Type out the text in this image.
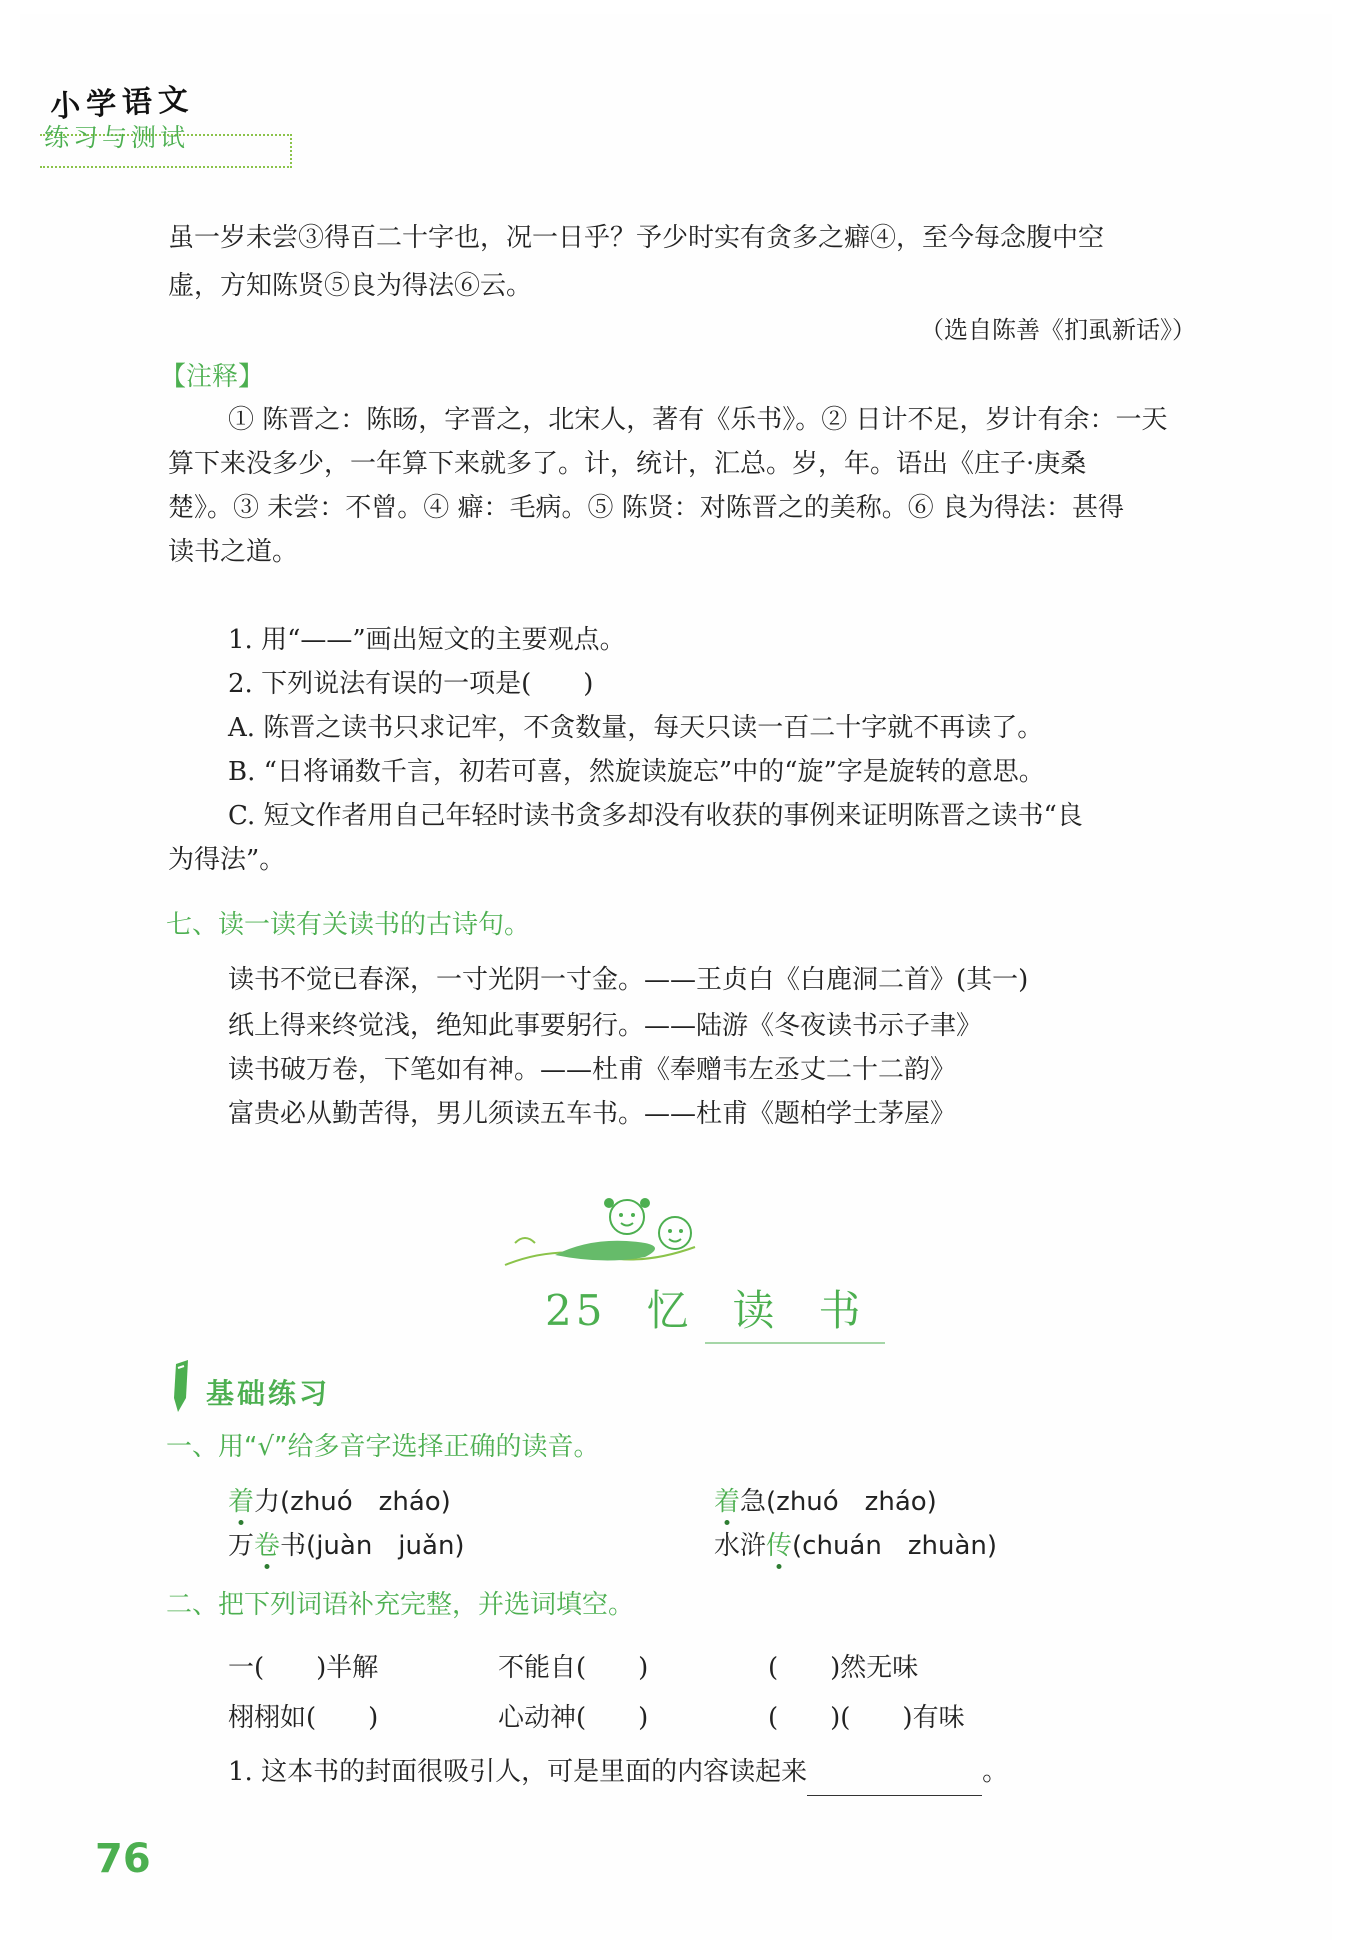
小学语文
练习与测试
虽一岁未尝③得百二十字也，况一日乎？予少时实有贪多之癖④，至今每念腹中空
虚，方知陈贤⑤良为得法⑥云。
（选自陈善《扪虱新话》）
【注释】
① 陈晋之：陈旸，字晋之，北宋人，著有《乐书》。② 日计不足，岁计有余：一天
算下来没多少，一年算下来就多了。计，统计，汇总。岁，年。语出《庄子·庚桑
楚》。③ 未尝：不曾。④ 癖：毛病。⑤ 陈贤：对陈晋之的美称。⑥ 良为得法：甚得
读书之道。
1. 用“——”画出短文的主要观点。
2. 下列说法有误的一项是(　　)
A. 陈晋之读书只求记牢，不贪数量，每天只读一百二十字就不再读了。
B. “日将诵数千言，初若可喜，然旋读旋忘”中的“旋”字是旋转的意思。
C. 短文作者用自己年轻时读书贪多却没有收获的事例来证明陈晋之读书“良
为得法”。
七、读一读有关读书的古诗句。
读书不觉已春深，一寸光阴一寸金。——王贞白《白鹿洞二首》(其一)
纸上得来终觉浅，绝知此事要躬行。——陆游《冬夜读书示子聿》
读书破万卷，下笔如有神。——杜甫《奉赠韦左丞丈二十二韵》
富贵必从勤苦得，男儿须读五车书。——杜甫《题柏学士茅屋》
25 忆 读 书
基础练习
一、用“√”给多音字选择正确的读音。
着力(zhuó　zháo)	着急(zhuó　zháo)
万卷书(juàn　juǎn)	水浒传(chuán　zhuàn)
二、把下列词语补充完整，并选词填空。
一(　　)半解	不能自(　　)	(　　)然无味
栩栩如(　　)	心动神(　　)	(　　)(　　)有味
1. 这本书的封面很吸引人，可是里面的内容读起来	。
76
